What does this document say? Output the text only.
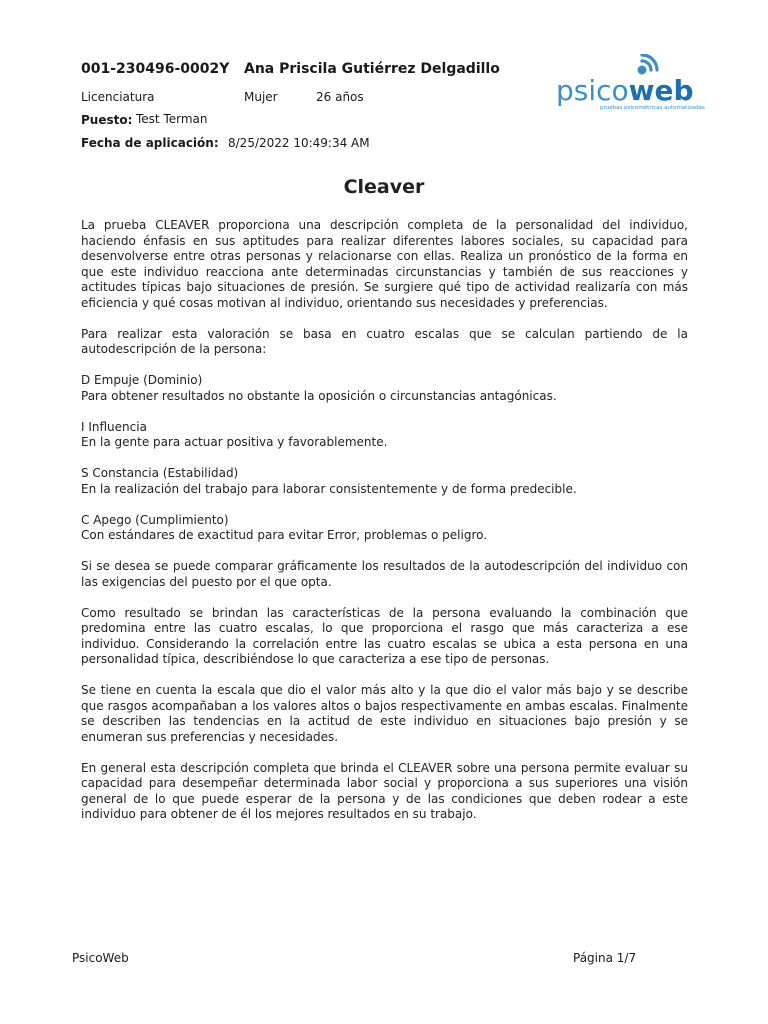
001-230496-0002Y Ana Priscila Gutiérrez Delgadillo
Licenciatura	Mujer	26 años
Puesto: Test Terman
Fecha de aplicación: 8/25/2022 10:49:34 AM
psicoweb
pruebas psicométricas automatizadas
Cleaver

La prueba CLEAVER proporciona una descripción completa de la personalidad del individuo, haciendo énfasis en sus aptitudes para realizar diferentes labores sociales, su capacidad para desenvolverse entre otras personas y relacionarse con ellas. Realiza un pronóstico de la forma en que este individuo reacciona ante determinadas circunstancias y también de sus reacciones y actitudes típicas bajo situaciones de presión. Se surgiere qué tipo de actividad realizaría con más eficiencia y qué cosas motivan al individuo, orientando sus necesidades y preferencias.

Para realizar esta valoración se basa en cuatro escalas que se calculan partiendo de la autodescripción de la persona:

D Empuje (Dominio)
Para obtener resultados no obstante la oposición o circunstancias antagónicas.
I Influencia
En la gente para actuar positiva y favorablemente.
S Constancia (Estabilidad)
En la realización del trabajo para laborar consistentemente y de forma predecible.
C Apego (Cumplimiento)
Con estándares de exactitud para evitar Error, problemas o peligro.

Si se desea se puede comparar gráficamente los resultados de la autodescripción del individuo con las exigencias del puesto por el que opta.

Como resultado se brindan las características de la persona evaluando la combinación que predomina entre las cuatro escalas, lo que proporciona el rasgo que más caracteriza a ese individuo. Considerando la correlación entre las cuatro escalas se ubica a esta persona en una personalidad típica, describiéndose lo que caracteriza a ese tipo de personas.

Se tiene en cuenta la escala que dio el valor más alto y la que dio el valor más bajo y se describe que rasgos acompañaban a los valores altos o bajos respectivamente en ambas escalas. Finalmente se describen las tendencias en la actitud de este individuo en situaciones bajo presión y se enumeran sus preferencias y necesidades.

En general esta descripción completa que brinda el CLEAVER sobre una persona permite evaluar su capacidad para desempeñar determinada labor social y proporciona a sus superiores una visión general de lo que puede esperar de la persona y de las condiciones que deben rodear a este individuo para obtener de él los mejores resultados en su trabajo.

PsicoWeb	Página 1/7
